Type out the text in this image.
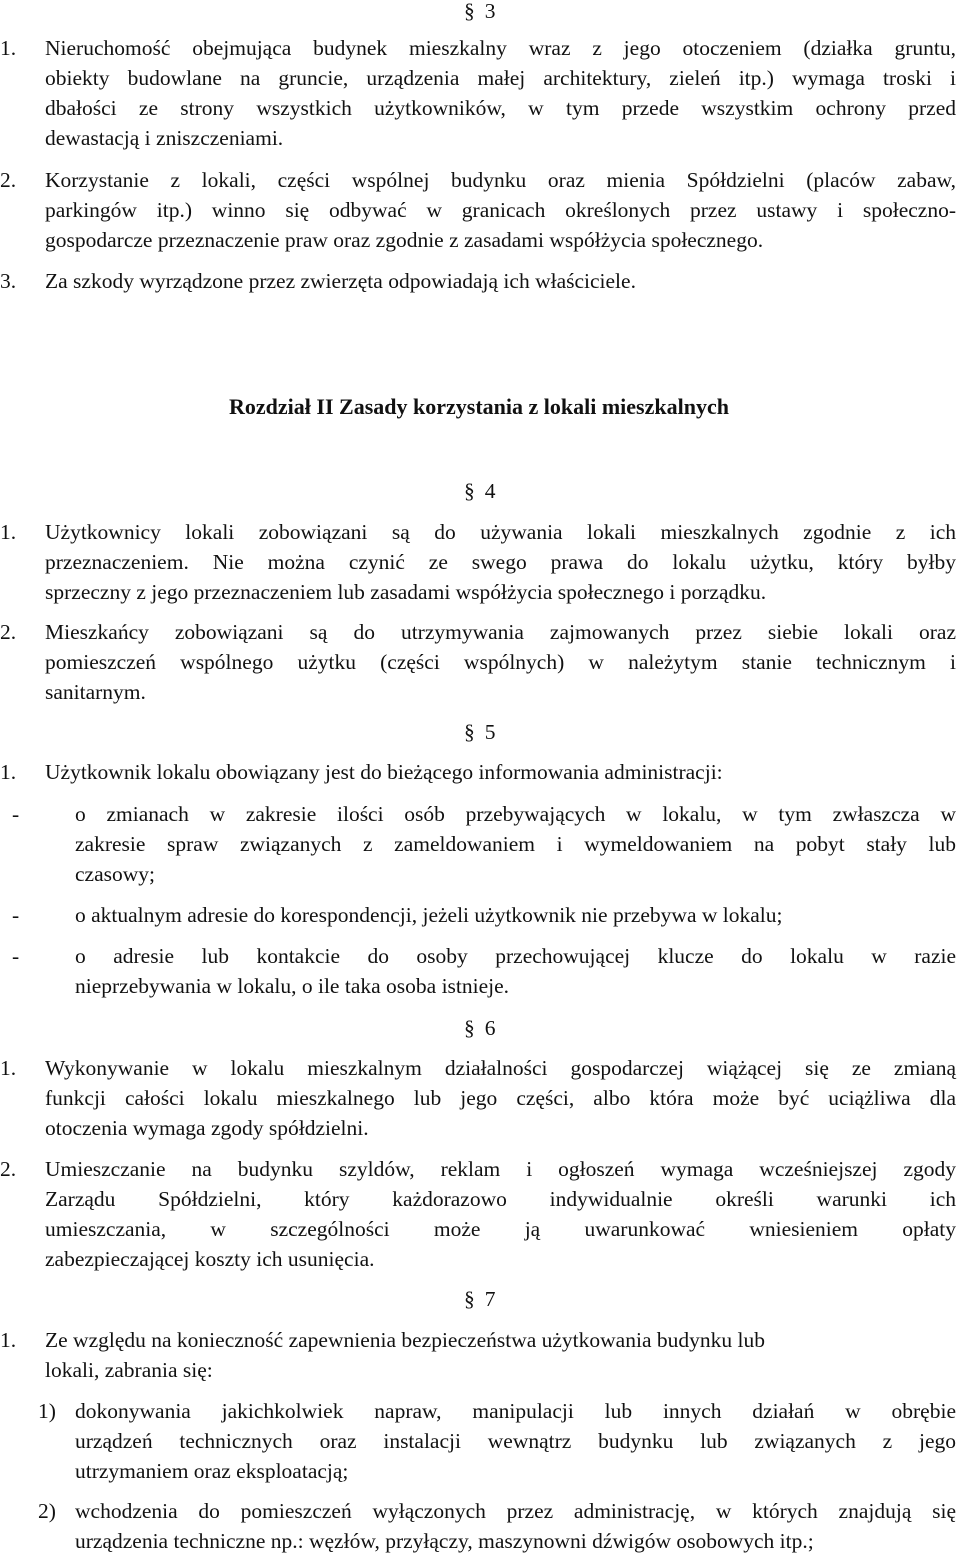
§ 3
1. Nieruchomość obejmująca budynek mieszkalny wraz z jego otoczeniem (działka gruntu,
obiekty budowlane na gruncie, urządzenia małej architektury, zieleń itp.) wymaga troski i
dbałości ze strony wszystkich użytkowników, w tym przede wszystkim ochrony przed
dewastacją i zniszczeniami.
2. Korzystanie z lokali, części wspólnej budynku oraz mienia Spółdzielni (placów zabaw,
parkingów itp.) winno się odbywać w granicach określonych przez ustawy i społeczno-
gospodarcze przeznaczenie praw oraz zgodnie z zasadami współżycia społecznego.
3. Za szkody wyrządzone przez zwierzęta odpowiadają ich właściciele.
Rozdział II Zasady korzystania z lokali mieszkalnych
§ 4
1. Użytkownicy lokali zobowiązani są do używania lokali mieszkalnych zgodnie z ich
przeznaczeniem. Nie można czynić ze swego prawa do lokalu użytku, który byłby
sprzeczny z jego przeznaczeniem lub zasadami współżycia społecznego i porządku.
2. Mieszkańcy zobowiązani są do utrzymywania zajmowanych przez siebie lokali oraz
pomieszczeń wspólnego użytku (części wspólnych) w należytym stanie technicznym i
sanitarnym.
§ 5
1. Użytkownik lokalu obowiązany jest do bieżącego informowania administracji:
-	o zmianach w zakresie ilości osób przebywających w lokalu, w tym zwłaszcza w
zakresie spraw związanych z zameldowaniem i wymeldowaniem na pobyt stały lub
czasowy;
-	o aktualnym adresie do korespondencji, jeżeli użytkownik nie przebywa w lokalu;
-	o adresie lub kontakcie do osoby przechowującej klucze do lokalu w razie
nieprzebywania w lokalu, o ile taka osoba istnieje.
§ 6
1. Wykonywanie w lokalu mieszkalnym działalności gospodarczej wiążącej się ze zmianą
funkcji całości lokalu mieszkalnego lub jego części, albo która może być uciążliwa dla
otoczenia wymaga zgody spółdzielni.
2. Umieszczanie na budynku szyldów, reklam i ogłoszeń wymaga wcześniejszej zgody
Zarządu Spółdzielni, który każdorazowo indywidualnie określi warunki ich
umieszczania, w szczególności może ją uwarunkować wniesieniem opłaty
zabezpieczającej koszty ich usunięcia.
§ 7
1. Ze względu na konieczność zapewnienia bezpieczeństwa użytkowania budynku lub
lokali, zabrania się:
1) dokonywania jakichkolwiek napraw, manipulacji lub innych działań w obrębie
urządzeń technicznych oraz instalacji wewnątrz budynku lub związanych z jego
utrzymaniem oraz eksploatacją;
2) wchodzenia do pomieszczeń wyłączonych przez administrację, w których znajdują się
urządzenia techniczne np.: węzłów, przyłączy, maszynowni dźwigów osobowych itp.;
